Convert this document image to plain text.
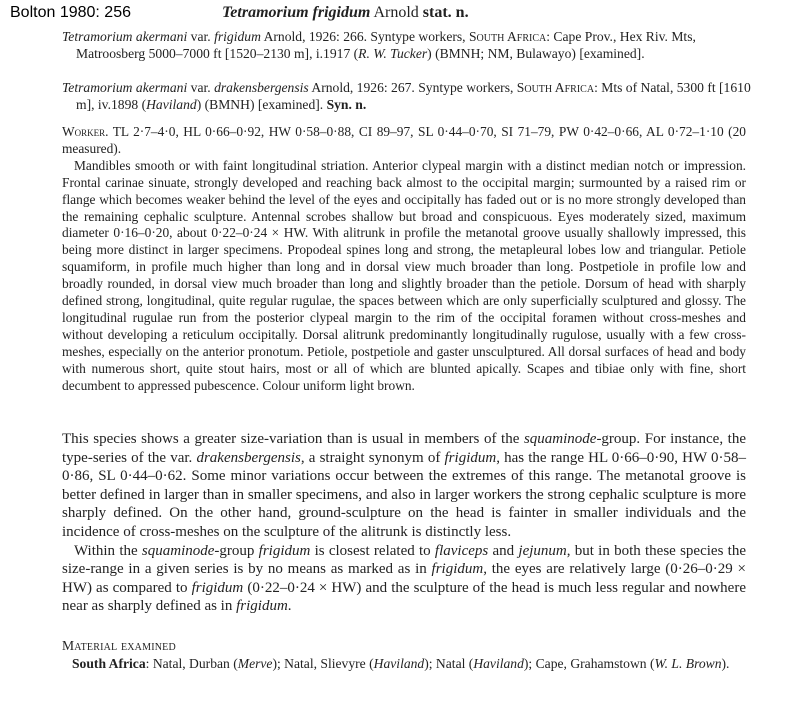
Bolton 1980: 256	Tetramorium frigidum Arnold stat. n.
Tetramorium akermani var. frigidum Arnold, 1926: 266. Syntype workers, South Africa: Cape Prov., Hex Riv. Mts, Matroosberg 5000–7000 ft [1520–2130 m], i.1917 (R. W. Tucker) (BMNH; NM, Bulawayo) [examined].
Tetramorium akermani var. drakensbergensis Arnold, 1926: 267. Syntype workers, South Africa: Mts of Natal, 5300 ft [1610 m], iv.1898 (Haviland) (BMNH) [examined]. Syn. n.

Worker. TL 2·7–4·0, HL 0·66–0·92, HW 0·58–0·88, CI 89–97, SL 0·44–0·70, SI 71–79, PW 0·42–0·66, AL 0·72–1·10 (20 measured).

Mandibles smooth or with faint longitudinal striation. Anterior clypeal margin with a distinct median notch or impression. Frontal carinae sinuate, strongly developed and reaching back almost to the occipital margin; surmounted by a raised rim or flange which becomes weaker behind the level of the eyes and occipitally has faded out or is no more strongly developed than the remaining cephalic sculpture. Antennal scrobes shallow but broad and conspicuous. Eyes moderately sized, maximum diameter 0·16–0·20, about 0·22–0·24 × HW. With alitrunk in profile the metanotal groove usually shallowly impressed, this being more distinct in larger specimens. Propodeal spines long and strong, the metapleural lobes low and triangular. Petiole squamiform, in profile much higher than long and in dorsal view much broader than long. Postpetiole in profile low and broadly rounded, in dorsal view much broader than long and slightly broader than the petiole. Dorsum of head with sharply defined strong, longitudinal, quite regular rugulae, the spaces between which are only superficially sculptured and glossy. The longitudinal rugulae run from the posterior clypeal margin to the rim of the occipital foramen without cross-meshes and without developing a reticulum occipitally. Dorsal alitrunk predominantly longitudinally rugulose, usually with a few cross-meshes, especially on the anterior pronotum. Petiole, postpetiole and gaster unsculptured. All dorsal surfaces of head and body with numerous short, quite stout hairs, most or all of which are blunted apically. Scapes and tibiae only with fine, short decumbent to appressed pubescence. Colour uniform light brown.

This species shows a greater size-variation than is usual in members of the squaminode-group. For instance, the type-series of the var. drakensbergensis, a straight synonym of frigidum, has the range HL 0·66–0·90, HW 0·58–0·86, SL 0·44–0·62. Some minor variations occur between the extremes of this range. The metanotal groove is better defined in larger than in smaller specimens, and also in larger workers the strong cephalic sculpture is more sharply defined. On the other hand, ground-sculpture on the head is fainter in smaller individuals and the incidence of cross-meshes on the sculpture of the alitrunk is distinctly less.

Within the squaminode-group frigidum is closest related to flaviceps and jejunum, but in both these species the size-range in a given series is by no means as marked as in frigidum, the eyes are relatively large (0·26–0·29 × HW) as compared to frigidum (0·22–0·24 × HW) and the sculpture of the head is much less regular and nowhere near as sharply defined as in frigidum.

Material examined
South Africa: Natal, Durban (Merve); Natal, Slievyre (Haviland); Natal (Haviland); Cape, Grahamstown (W. L. Brown).
